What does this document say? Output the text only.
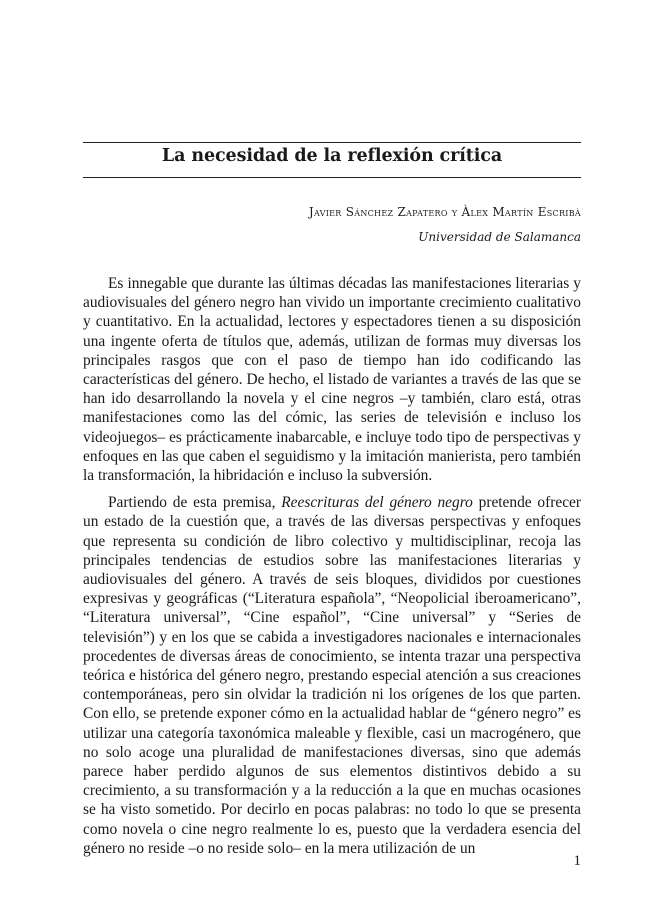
La necesidad de la reflexión crítica
Javier Sánchez Zapatero y Àlex Martín Escribà
Universidad de Salamanca

Es innegable que durante las últimas décadas las manifestaciones literarias y audiovisuales del género negro han vivido un importante crecimiento cualitativo y cuantitativo. En la actualidad, lectores y espectadores tienen a su disposición una ingente oferta de títulos que, además, utilizan de formas muy diversas los principales rasgos que con el paso de tiempo han ido codificando las características del género. De hecho, el listado de variantes a través de las que se han ido desarrollando la novela y el cine negros –y también, claro está, otras manifestaciones como las del cómic, las series de televisión e incluso los videojuegos– es prácticamente inabarcable, e incluye todo tipo de perspectivas y enfoques en las que caben el seguidismo y la imitación manierista, pero también la transformación, la hibridación e incluso la subversión.

Partiendo de esta premisa, Reescrituras del género negro pretende ofrecer un estado de la cuestión que, a través de las diversas perspectivas y enfoques que representa su condición de libro colectivo y multidisciplinar, recoja las principales tendencias de estudios sobre las manifestaciones literarias y audiovisuales del género. A través de seis bloques, divididos por cuestiones expresivas y geográficas (“Literatura española”, “Neopolicial iberoamericano”, “Literatura universal”, “Cine español”, “Cine universal” y “Series de televisión”) y en los que se cabida a investigadores nacionales e internacionales procedentes de diversas áreas de conocimiento, se intenta trazar una perspectiva teórica e histórica del género negro, prestando especial atención a sus creaciones contemporáneas, pero sin olvidar la tradición ni los orígenes de los que parten. Con ello, se pretende exponer cómo en la actualidad hablar de “género negro” es utilizar una categoría taxonómica maleable y flexible, casi un macrogénero, que no solo acoge una pluralidad de manifestaciones diversas, sino que además parece haber perdido algunos de sus elementos distintivos debido a su crecimiento, a su transformación y a la reducción a la que en muchas ocasiones se ha visto sometido. Por decirlo en pocas palabras: no todo lo que se presenta como novela o cine negro realmente lo es, puesto que la verdadera esencia del género no reside –o no reside solo– en la mera utilización de un

1
